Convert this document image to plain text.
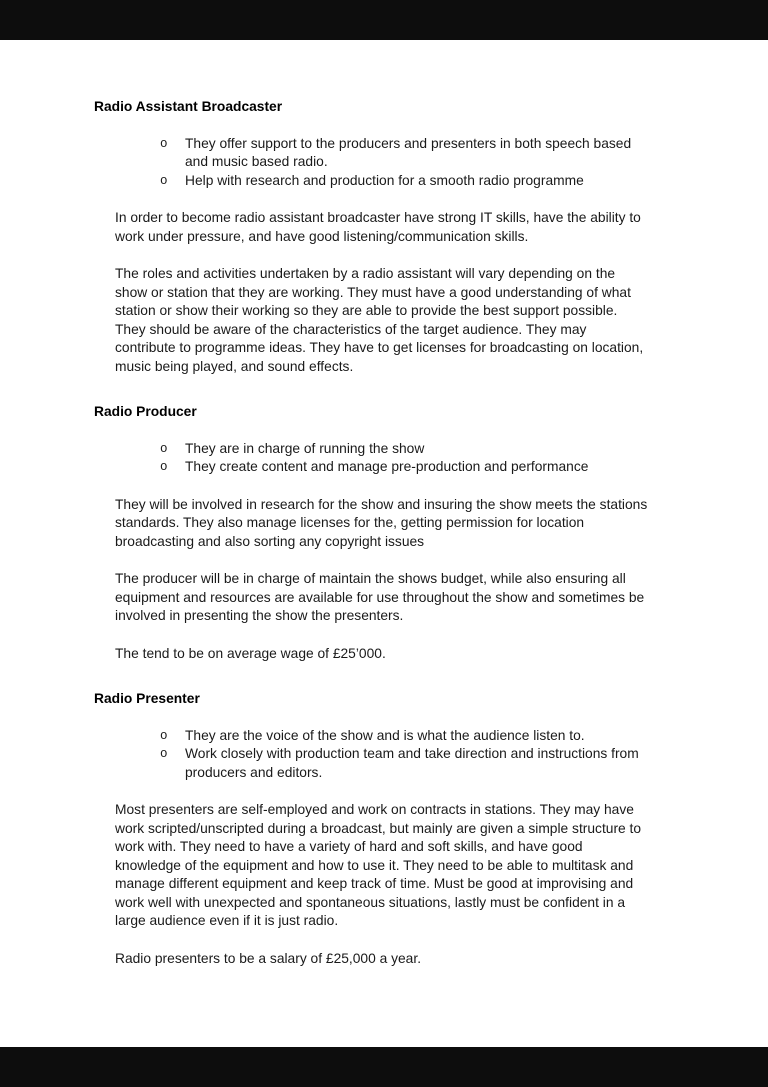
Radio Assistant Broadcaster
o They offer support to the producers and presenters in both speech based and music based radio.
o Help with research and production for a smooth radio programme

In order to become radio assistant broadcaster have strong IT skills, have the ability to work under pressure, and have good listening/communication skills.

The roles and activities undertaken by a radio assistant will vary depending on the show or station that they are working. They must have a good understanding of what station or show their working so they are able to provide the best support possible. They should be aware of the characteristics of the target audience. They may contribute to programme ideas. They have to get licenses for broadcasting on location, music being played, and sound effects.

Radio Producer
o They are in charge of running the show
o They create content and manage pre-production and performance

They will be involved in research for the show and insuring the show meets the stations standards. They also manage licenses for the, getting permission for location broadcasting and also sorting any copyright issues

The producer will be in charge of maintain the shows budget, while also ensuring all equipment and resources are available for use throughout the show and sometimes be involved in presenting the show the presenters.

The tend to be on average wage of £25’000.

Radio Presenter
o They are the voice of the show and is what the audience listen to.
o Work closely with production team and take direction and instructions from producers and editors.

Most presenters are self-employed and work on contracts in stations. They may have work scripted/unscripted during a broadcast, but mainly are given a simple structure to work with. They need to have a variety of hard and soft skills, and have good knowledge of the equipment and how to use it. They need to be able to multitask and manage different equipment and keep track of time. Must be good at improvising and work well with unexpected and spontaneous situations, lastly must be confident in a large audience even if it is just radio.

Radio presenters to be a salary of £25,000 a year.
